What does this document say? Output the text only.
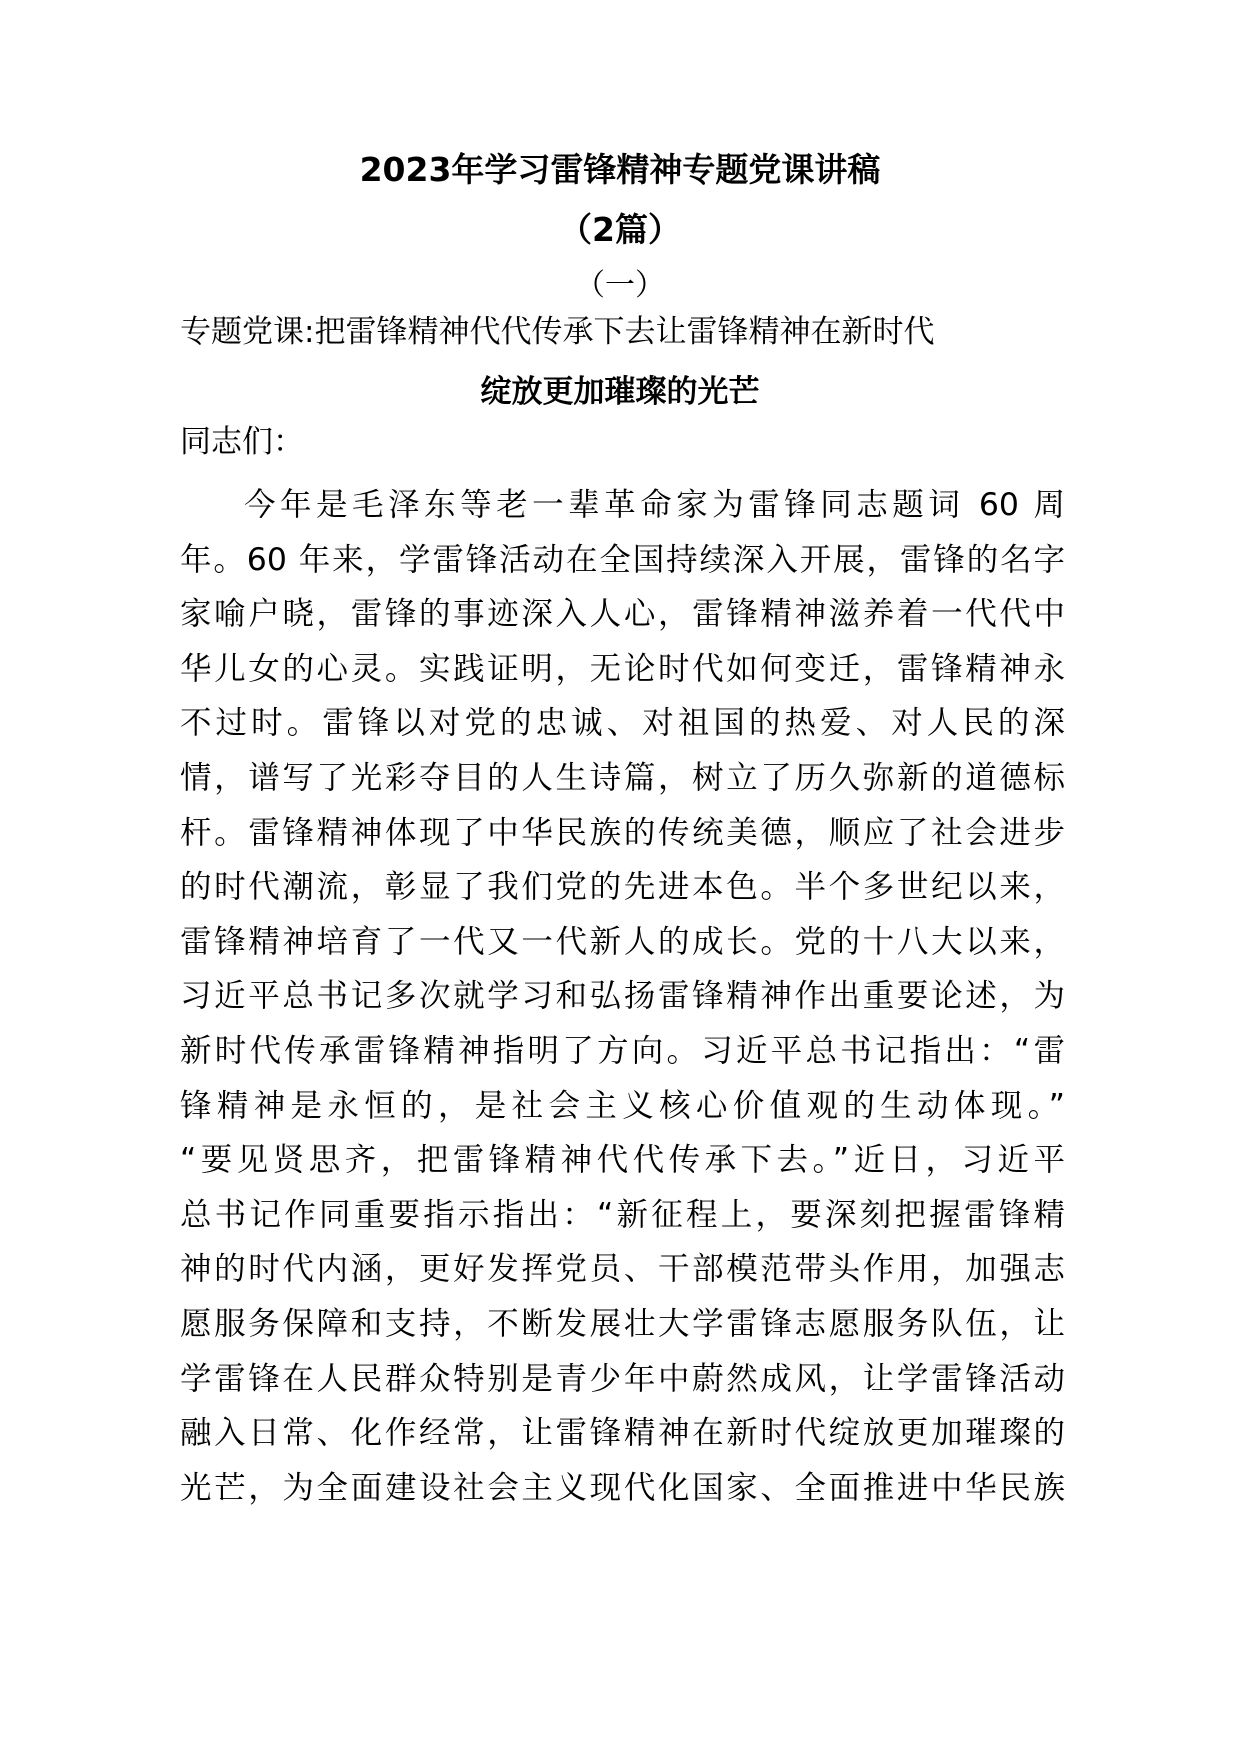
2023年学习雷锋精神专题党课讲稿
（2篇）
（一）
专题党课:把雷锋精神代代传承下去让雷锋精神在新时代
绽放更加璀璨的光芒
同志们：
今年是毛泽东等老一辈革命家为雷锋同志题词 60 周
年。60 年来，学雷锋活动在全国持续深入开展，雷锋的名字
家喻户晓，雷锋的事迹深入人心，雷锋精神滋养着一代代中
华儿女的心灵。实践证明，无论时代如何变迁，雷锋精神永
不过时。雷锋以对党的忠诚、对祖国的热爱、对人民的深
情，谱写了光彩夺目的人生诗篇，树立了历久弥新的道德标
杆。雷锋精神体现了中华民族的传统美德，顺应了社会进步
的时代潮流，彰显了我们党的先进本色。半个多世纪以来，
雷锋精神培育了一代又一代新人的成长。党的十八大以来，
习近平总书记多次就学习和弘扬雷锋精神作出重要论述，为
新时代传承雷锋精神指明了方向。习近平总书记指出：“雷
锋精神是永恒的，是社会主义核心价值观的生动体现。”
“要见贤思齐，把雷锋精神代代传承下去。”近日，习近平
总书记作同重要指示指出：“新征程上，要深刻把握雷锋精
神的时代内涵，更好发挥党员、干部模范带头作用，加强志
愿服务保障和支持，不断发展壮大学雷锋志愿服务队伍，让
学雷锋在人民群众特别是青少年中蔚然成风，让学雷锋活动
融入日常、化作经常，让雷锋精神在新时代绽放更加璀璨的
光芒，为全面建设社会主义现代化国家、全面推进中华民族
